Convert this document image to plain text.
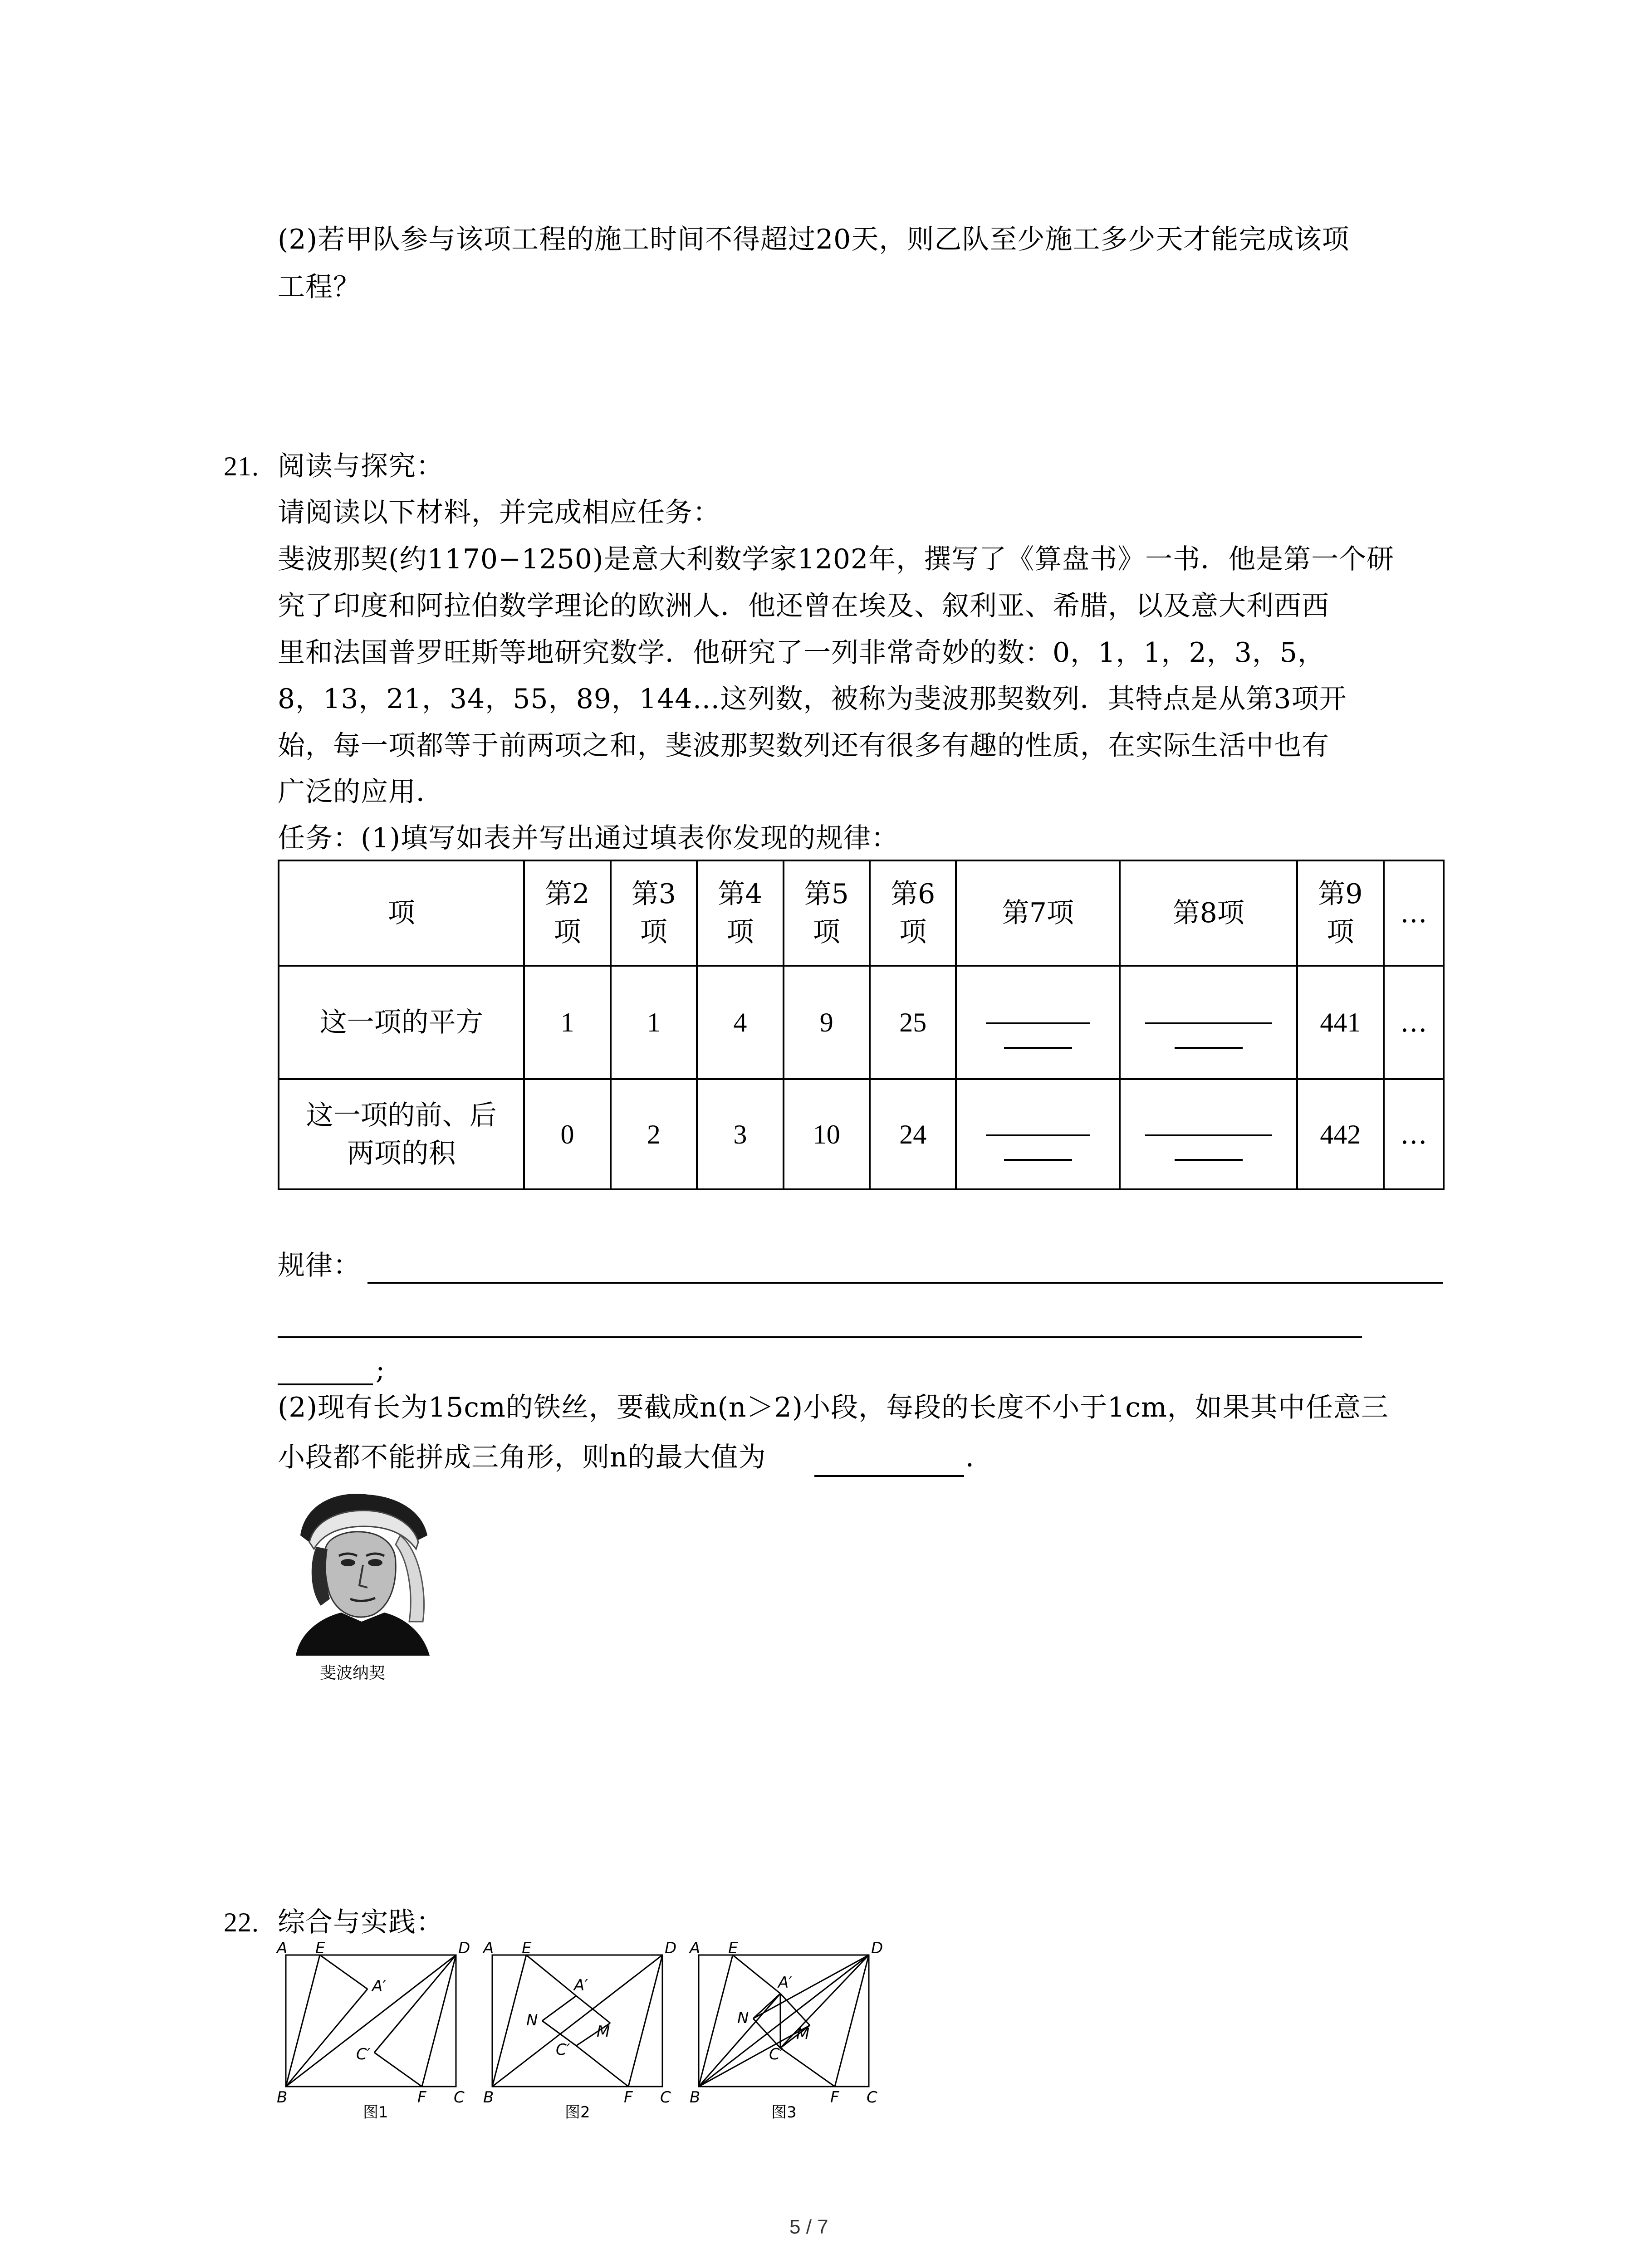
(2)若甲队参与该项工程的施工时间不得超过20天，则乙队至少施工多少天才能完成该项
工程？
21. 阅读与探究：
请阅读以下材料，并完成相应任务：
斐波那契(约1170−1250)是意大利数学家1202年，撰写了《算盘书》一书．他是第一个研
究了印度和阿拉伯数学理论的欧洲人．他还曾在埃及、叙利亚、希腊，以及意大利西西
里和法国普罗旺斯等地研究数学．他研究了一列非常奇妙的数：0，1，1，2，3，5，
8，13，21，34，55，89，144…这列数，被称为斐波那契数列．其特点是从第3项开
始，每一项都等于前两项之和，斐波那契数列还有很多有趣的性质，在实际生活中也有
广泛的应用．
任务：(1)填写如表并写出通过填表你发现的规律：
项	第2项	第3项	第4项	第5项	第6项	第7项	第8项	第9项	…
这一项的平方	1	1	4	9	25			441	…
这一项的前、后两项的积	0	2	3	10	24			442	…
规律：
;
(2)现有长为15cm的铁丝，要截成n(n＞2)小段，每段的长度不小于1cm，如果其中任意三
小段都不能拼成三角形，则n的最大值为	．
斐波纳契
22. 综合与实践：
A E	D
A′
C′
B	F C
图1
A E	D
A′
N
M
C′
B	F C
图2
A E	D
A′
N
M
C′
B	F C
图3
5 / 7
